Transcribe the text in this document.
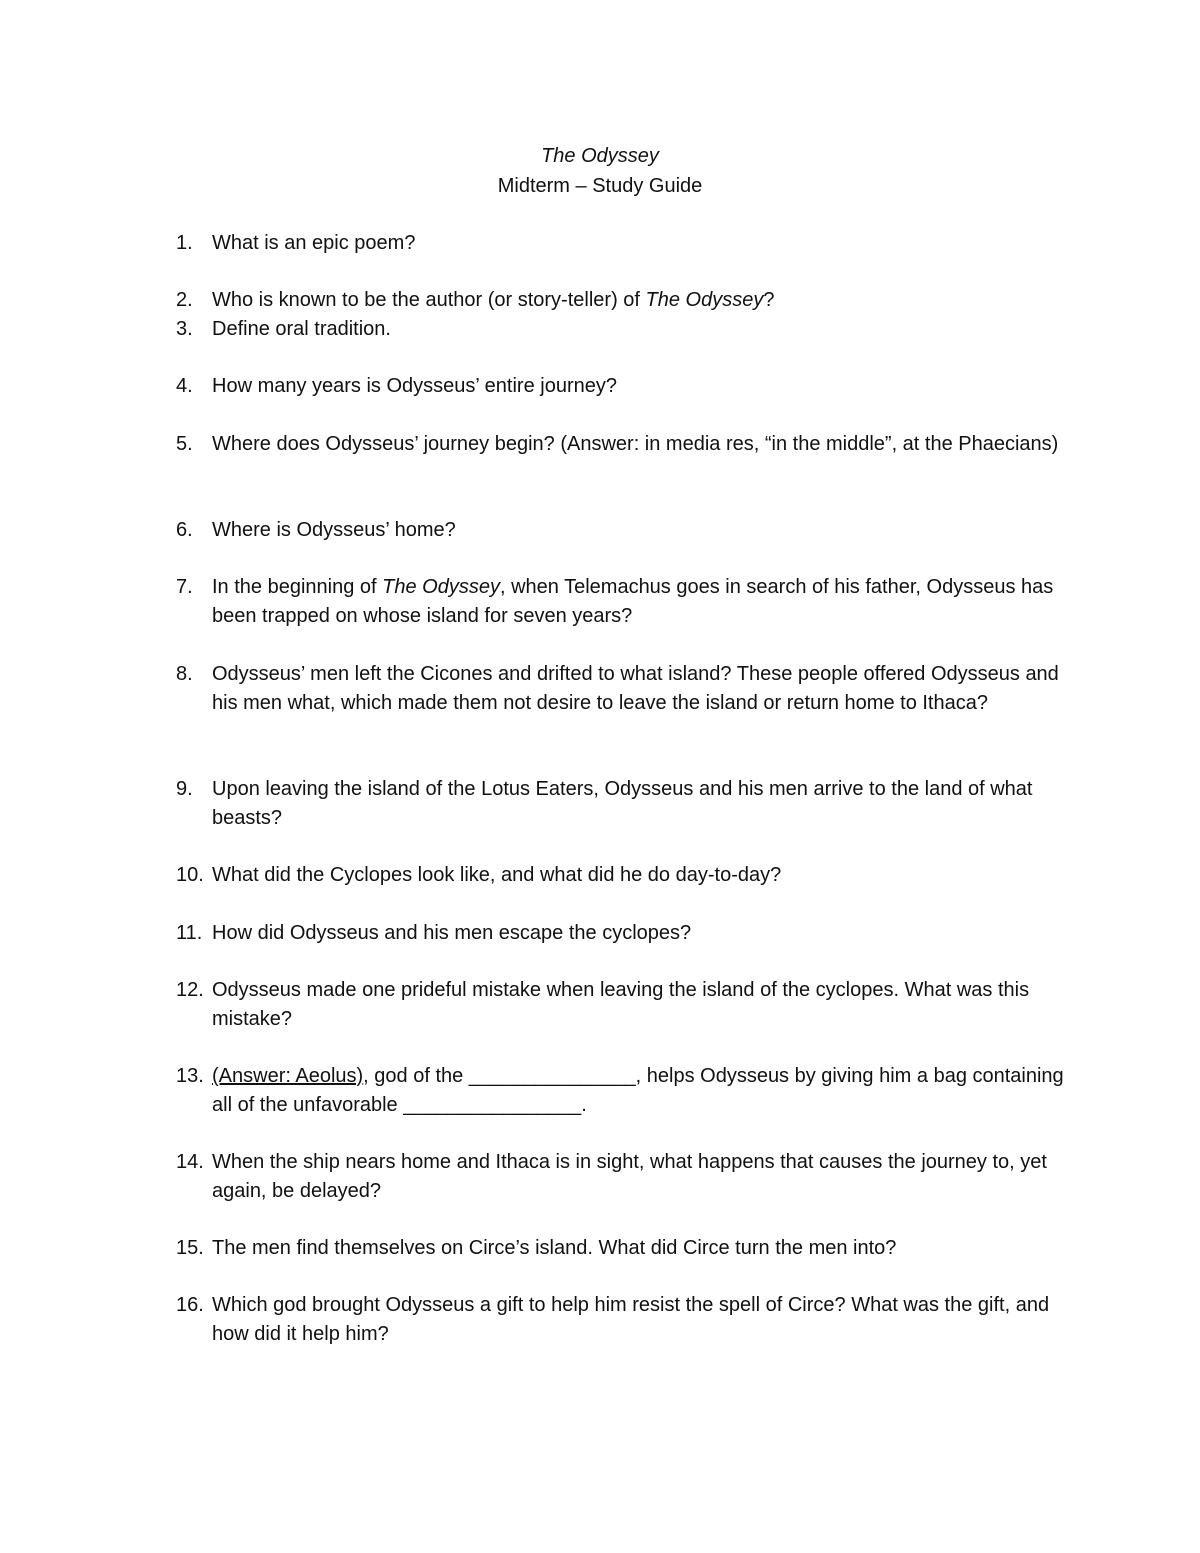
The Odyssey
Midterm – Study Guide
1. What is an epic poem?
2. Who is known to be the author (or story-teller) of The Odyssey?
3. Define oral tradition.
4. How many years is Odysseus’ entire journey?
5. Where does Odysseus’ journey begin? (Answer: in media res, “in the middle”, at the Phaecians)
6. Where is Odysseus’ home?
7. In the beginning of The Odyssey, when Telemachus goes in search of his father, Odysseus has been trapped on whose island for seven years?
8. Odysseus’ men left the Cicones and drifted to what island? These people offered Odysseus and his men what, which made them not desire to leave the island or return home to Ithaca?
9. Upon leaving the island of the Lotus Eaters, Odysseus and his men arrive to the land of what beasts?
10. What did the Cyclopes look like, and what did he do day-to-day?
11. How did Odysseus and his men escape the cyclopes?
12. Odysseus made one prideful mistake when leaving the island of the cyclopes. What was this mistake?
13. (Answer: Aeolus), god of the _______________, helps Odysseus by giving him a bag containing all of the unfavorable ________________.
14. When the ship nears home and Ithaca is in sight, what happens that causes the journey to, yet again, be delayed?
15. The men find themselves on Circe’s island. What did Circe turn the men into?
16. Which god brought Odysseus a gift to help him resist the spell of Circe? What was the gift, and how did it help him?
